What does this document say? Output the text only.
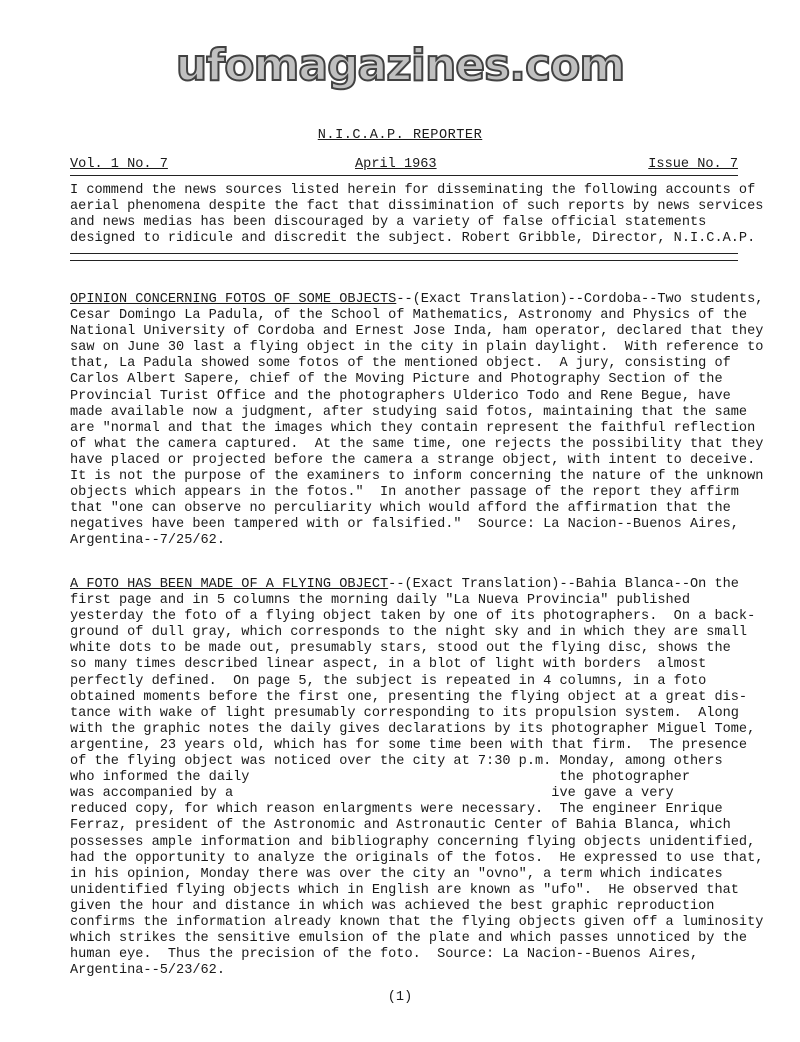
ufomagazines.com
N.I.C.A.P. REPORTER
Vol. 1 No. 7	April 1963	Issue No. 7
I commend the news sources listed herein for disseminating the following accounts of
aerial phenomena despite the fact that dissimination of such reports by news services
and news medias has been discouraged by a variety of false official statements
designed to ridicule and discredit the subject. Robert Gribble, Director, N.I.C.A.P.
OPINION CONCERNING FOTOS OF SOME OBJECTS--(Exact Translation)--Cordoba--Two students,
Cesar Domingo La Padula, of the School of Mathematics, Astronomy and Physics of the
National University of Cordoba and Ernest Jose Inda, ham operator, declared that they
saw on June 30 last a flying object in the city in plain daylight.  With reference to
that, La Padula showed some fotos of the mentioned object.  A jury, consisting of
Carlos Albert Sapere, chief of the Moving Picture and Photography Section of the
Provincial Turist Office and the photographers Ulderico Todo and Rene Begue, have
made available now a judgment, after studying said fotos, maintaining that the same
are "normal and that the images which they contain represent the faithful reflection
of what the camera captured.  At the same time, one rejects the possibility that they
have placed or projected before the camera a strange object, with intent to deceive.
It is not the purpose of the examiners to inform concerning the nature of the unknown
objects which appears in the fotos."  In another passage of the report they affirm
that "one can observe no perculiarity which would afford the affirmation that the
negatives have been tampered with or falsified."  Source: La Nacion--Buenos Aires,
Argentina--7/25/62.
A FOTO HAS BEEN MADE OF A FLYING OBJECT--(Exact Translation)--Bahia Blanca--On the
first page and in 5 columns the morning daily "La Nueva Provincia" published
yesterday the foto of a flying object taken by one of its photographers.  On a back-
ground of dull gray, which corresponds to the night sky and in which they are small
white dots to be made out, presumably stars, stood out the flying disc, shows the
so many times described linear aspect, in a blot of light with borders  almost
perfectly defined.  On page 5, the subject is repeated in 4 columns, in a foto
obtained moments before the first one, presenting the flying object at a great dis-
tance with wake of light presumably corresponding to its propulsion system.  Along
with the graphic notes the daily gives declarations by its photographer Miguel Tome,
argentine, 23 years old, which has for some time been with that firm.  The presence
of the flying object was noticed over the city at 7:30 p.m. Monday, among others
who informed the daily                                      the photographer
was accompanied by a                                       ive gave a very
reduced copy, for which reason enlargments were necessary.  The engineer Enrique
Ferraz, president of the Astronomic and Astronautic Center of Bahia Blanca, which
possesses ample information and bibliography concerning flying objects unidentified,
had the opportunity to analyze the originals of the fotos.  He expressed to use that,
in his opinion, Monday there was over the city an "ovno", a term which indicates
unidentified flying objects which in English are known as "ufo".  He observed that
given the hour and distance in which was achieved the best graphic reproduction
confirms the information already known that the flying objects given off a luminosity
which strikes the sensitive emulsion of the plate and which passes unnoticed by the
human eye.  Thus the precision of the foto.  Source: La Nacion--Buenos Aires,
Argentina--5/23/62.
(1)
